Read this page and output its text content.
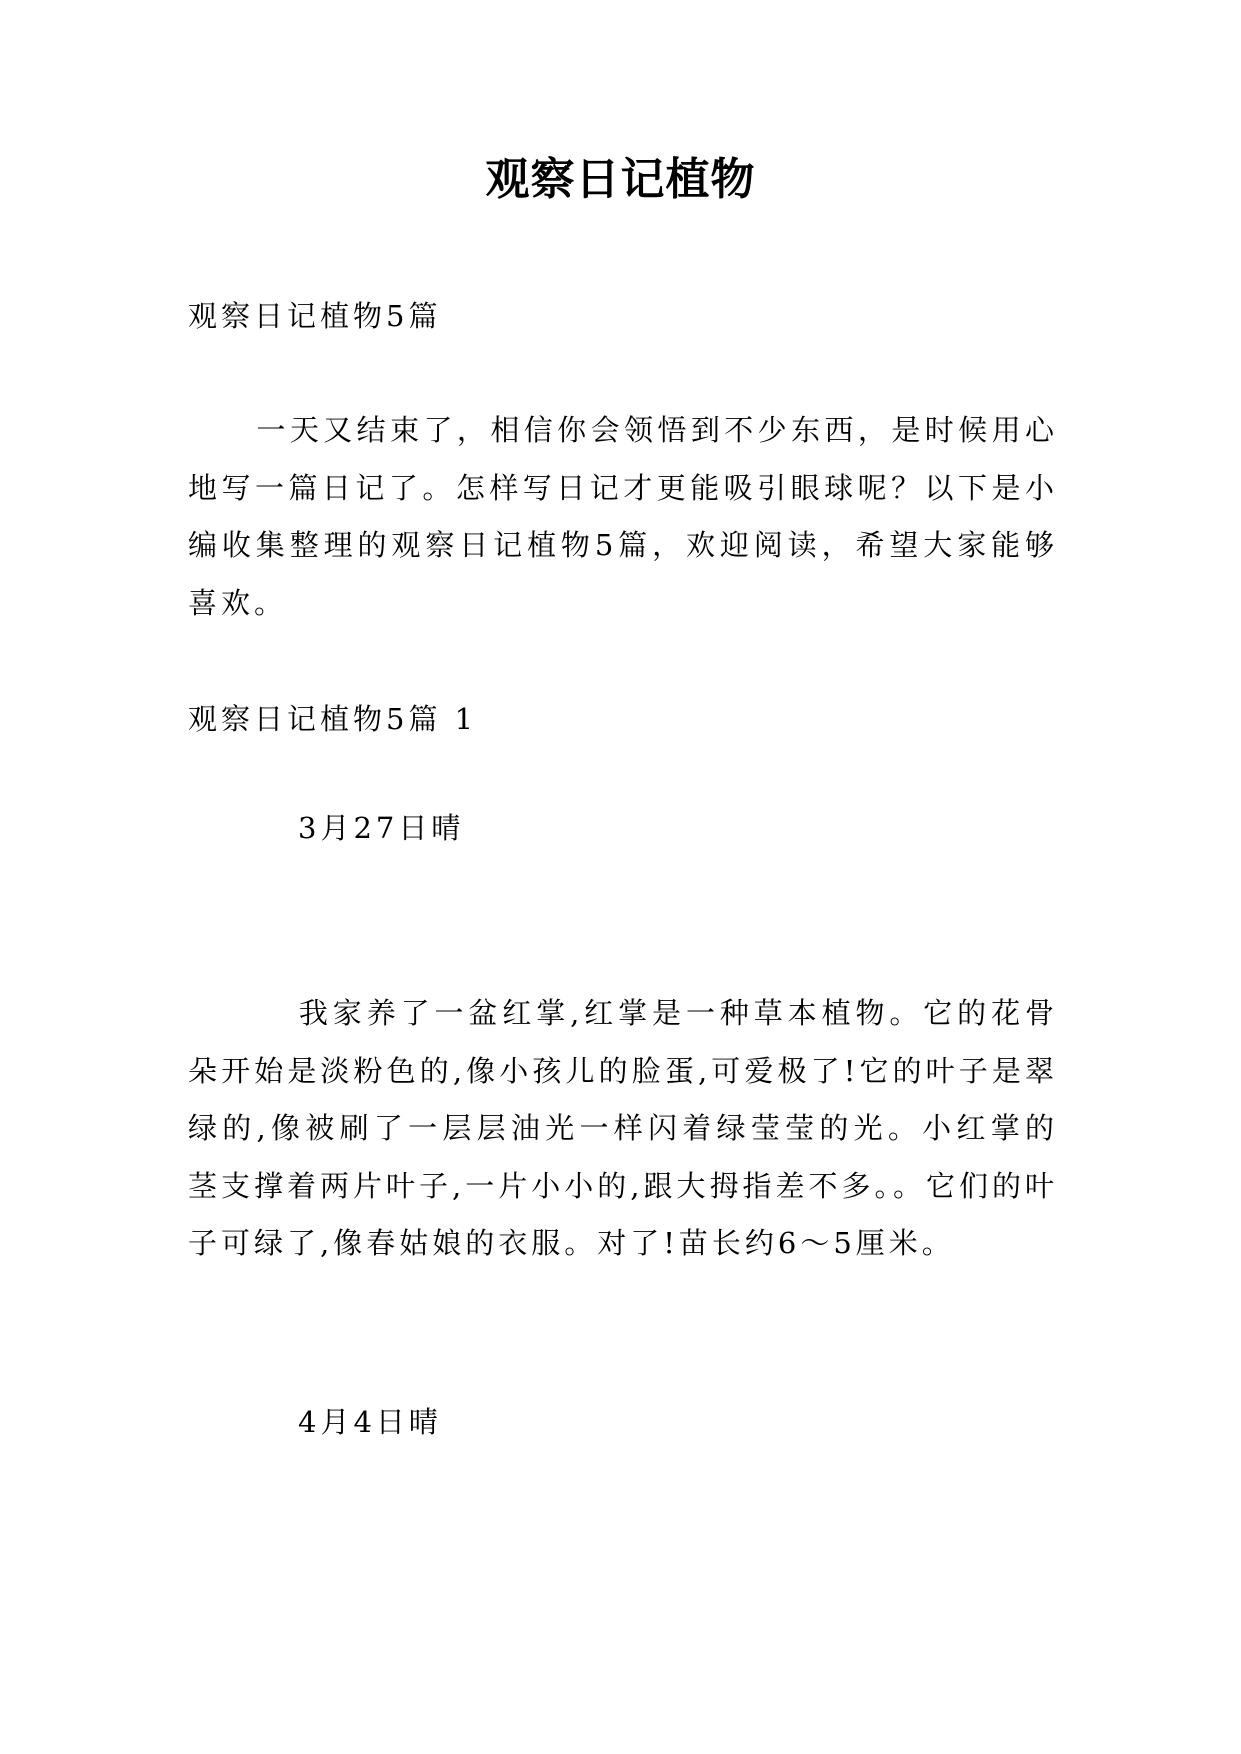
观察日记植物
观察日记植物5篇
一天又结束了，相信你会领悟到不少东西，是时候用心地写一篇日记了。怎样写日记才更能吸引眼球呢？以下是小编收集整理的观察日记植物5篇，欢迎阅读，希望大家能够喜欢。
观察日记植物5篇 1
3月27日晴
我家养了一盆红掌,红掌是一种草本植物。它的花骨朵开始是淡粉色的,像小孩儿的脸蛋,可爱极了!它的叶子是翠绿的,像被刷了一层层油光一样闪着绿莹莹的光。小红掌的茎支撑着两片叶子,一片小小的,跟大拇指差不多。。它们的叶子可绿了,像春姑娘的衣服。对了!苗长约6～5厘米。
4月4日晴
